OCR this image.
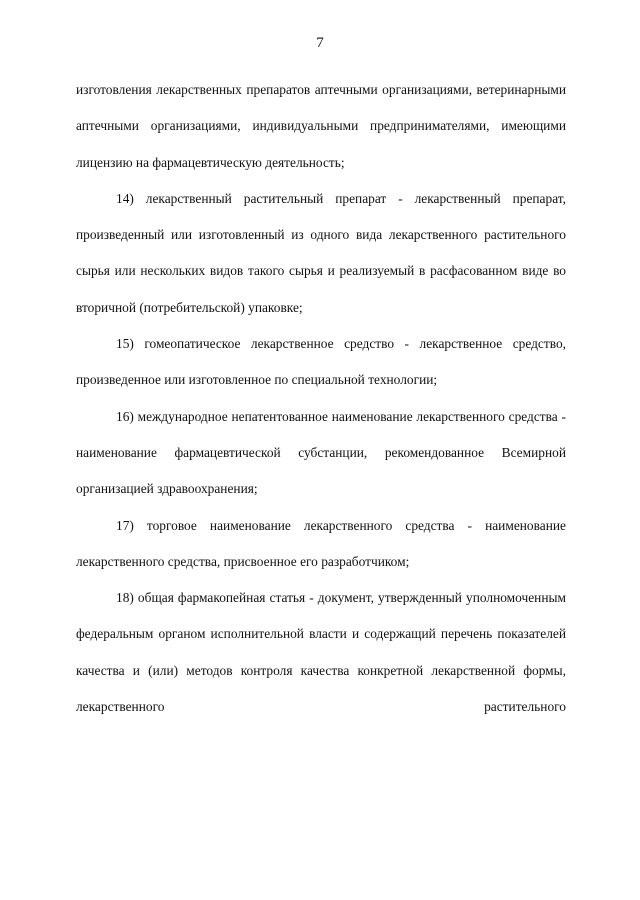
7

изготовления лекарственных препаратов аптечными организациями, ветеринарными аптечными организациями, индивидуальными предпринимателями, имеющими лицензию на фармацевтическую деятельность;

14) лекарственный растительный препарат - лекарственный препарат, произведенный или изготовленный из одного вида лекарственного растительного сырья или нескольких видов такого сырья и реализуемый в расфасованном виде во вторичной (потребительской) упаковке;

15) гомеопатическое лекарственное средство - лекарственное средство, произведенное или изготовленное по специальной технологии;

16) международное непатентованное наименование лекарственного средства - наименование фармацевтической субстанции, рекомендованное Всемирной организацией здравоохранения;

17) торговое наименование лекарственного средства - наименование лекарственного средства, присвоенное его разработчиком;

18) общая фармакопейная статья - документ, утвержденный уполномоченным федеральным органом исполнительной власти и содержащий перечень показателей качества и (или) методов контроля качества конкретной лекарственной формы, лекарственного растительного
